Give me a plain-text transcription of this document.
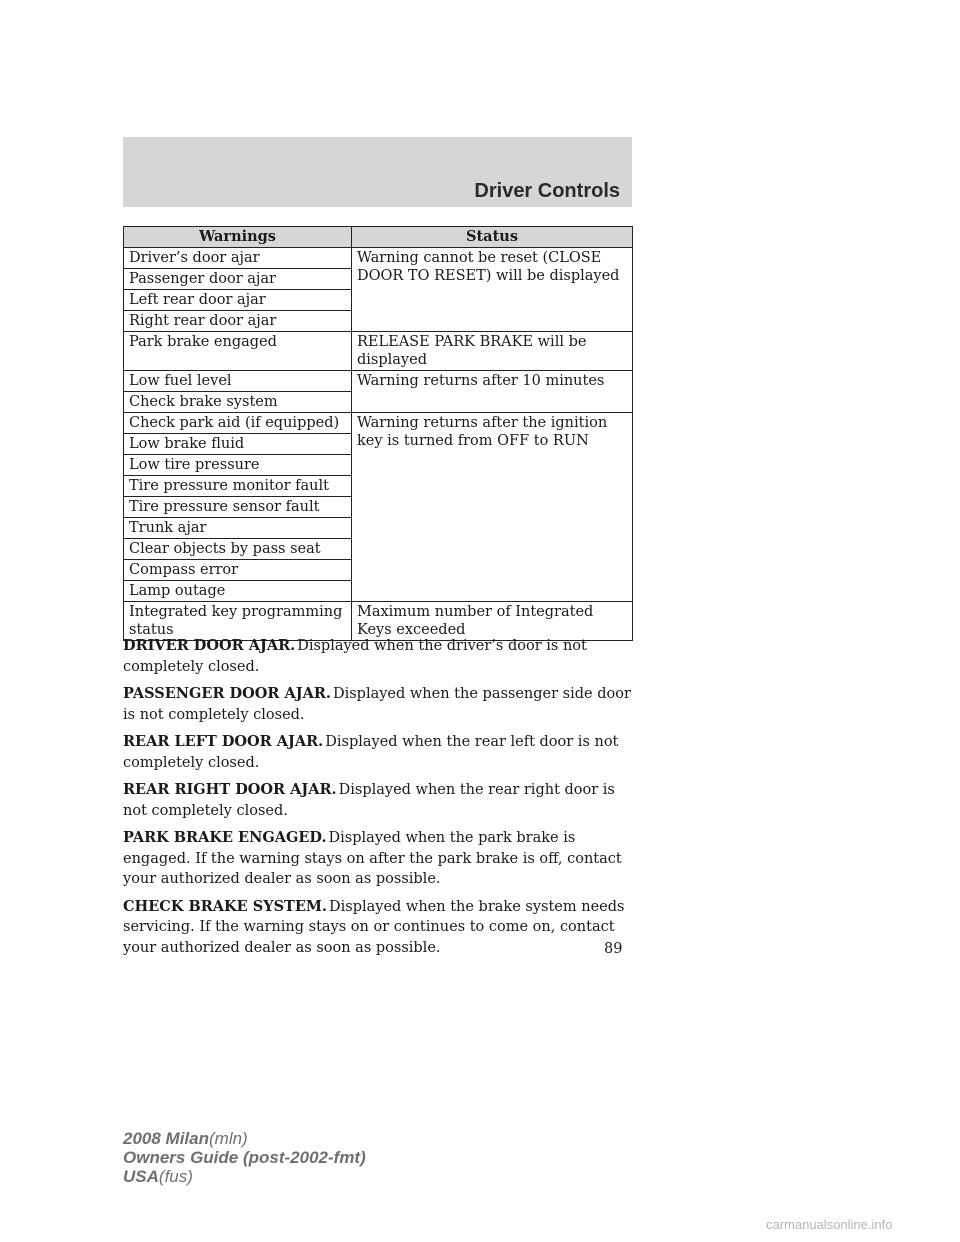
Driver Controls
Warnings	Status
Driver’s door ajar	Warning cannot be reset (CLOSE DOOR TO RESET) will be displayed
Passenger door ajar	
Left rear door ajar	
Right rear door ajar	
Park brake engaged	RELEASE PARK BRAKE will be displayed
Low fuel level	Warning returns after 10 minutes
Check brake system	
Check park aid (if equipped)	Warning returns after the ignition key is turned from OFF to RUN
Low brake fluid	
Low tire pressure	
Tire pressure monitor fault	
Tire pressure sensor fault	
Trunk ajar	
Clear objects by pass seat	
Compass error	
Lamp outage	
Integrated key programming status	Maximum number of Integrated Keys exceeded

DRIVER DOOR AJAR. Displayed when the driver’s door is not completely closed.

PASSENGER DOOR AJAR. Displayed when the passenger side door is not completely closed.

REAR LEFT DOOR AJAR. Displayed when the rear left door is not completely closed.

REAR RIGHT DOOR AJAR. Displayed when the rear right door is not completely closed.

PARK BRAKE ENGAGED. Displayed when the park brake is engaged. If the warning stays on after the park brake is off, contact your authorized dealer as soon as possible.

CHECK BRAKE SYSTEM. Displayed when the brake system needs servicing. If the warning stays on or continues to come on, contact your authorized dealer as soon as possible.	89
2008 Milan(mln)
Owners Guide (post-2002-fmt)
USA(fus)
carmanualsonline.info
